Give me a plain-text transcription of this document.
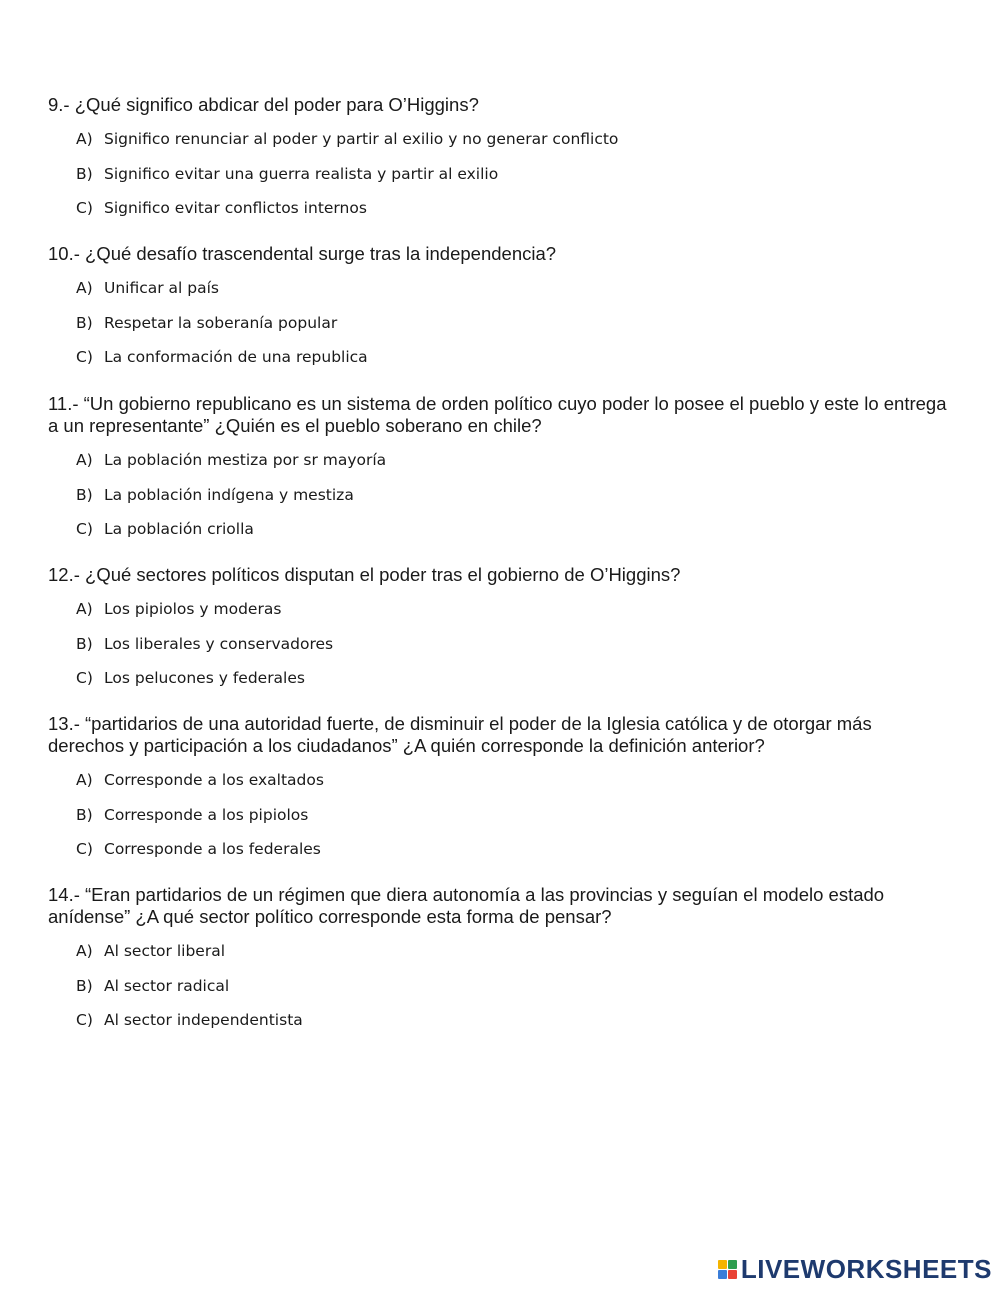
9.- ¿Qué significo abdicar del poder para O’Higgins?

A) Significo renunciar al poder y partir al exilio y no generar conflicto
B) Significo evitar una guerra realista y partir al exilio
C) Significo evitar conflictos internos

10.- ¿Qué desafío trascendental surge tras la independencia?

A) Unificar al país
B) Respetar la soberanía popular
C) La conformación de una republica

11.- “Un gobierno republicano es un sistema de orden político cuyo poder lo posee el pueblo y este lo entrega a un representante” ¿Quién es el pueblo soberano en chile?

A) La población mestiza por sr mayoría
B) La población indígena y mestiza
C) La población criolla

12.- ¿Qué sectores políticos disputan el poder tras el gobierno de O’Higgins?

A) Los pipiolos y moderas
B) Los liberales y conservadores
C) Los pelucones y federales

13.- “partidarios de una autoridad fuerte, de disminuir el poder de la Iglesia católica y de otorgar más derechos y participación a los ciudadanos” ¿A quién corresponde la definición anterior?

A) Corresponde a los exaltados
B) Corresponde a los pipiolos
C) Corresponde a los federales

14.- “Eran partidarios de un régimen que diera autonomía a las provincias y seguían el modelo estado anídense” ¿A qué sector político corresponde esta forma de pensar?

A) Al sector liberal
B) Al sector radical
C) Al sector independentista
LIVEWORKSHEETS
